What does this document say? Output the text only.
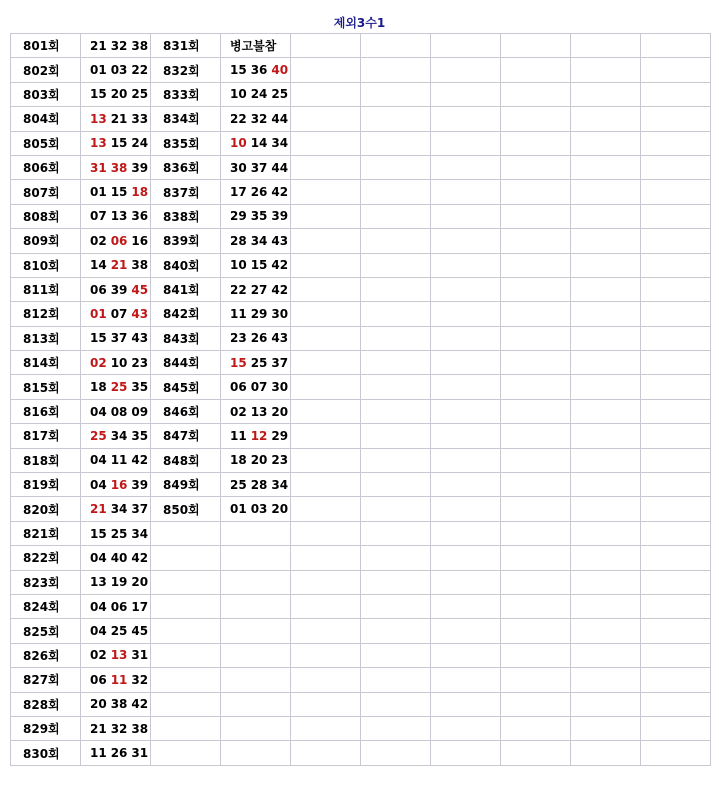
제외3수1
801회	21 32 38	831회	병고불참						
802회	01 03 22	832회	15 36 40						
803회	15 20 25	833회	10 24 25						
804회	13 21 33	834회	22 32 44						
805회	13 15 24	835회	10 14 34						
806회	31 38 39	836회	30 37 44						
807회	01 15 18	837회	17 26 42						
808회	07 13 36	838회	29 35 39						
809회	02 06 16	839회	28 34 43						
810회	14 21 38	840회	10 15 42						
811회	06 39 45	841회	22 27 42						
812회	01 07 43	842회	11 29 30						
813회	15 37 43	843회	23 26 43						
814회	02 10 23	844회	15 25 37						
815회	18 25 35	845회	06 07 30						
816회	04 08 09	846회	02 13 20						
817회	25 34 35	847회	11 12 29						
818회	04 11 42	848회	18 20 23						
819회	04 16 39	849회	25 28 34						
820회	21 34 37	850회	01 03 20						
821회	15 25 34								
822회	04 40 42								
823회	13 19 20								
824회	04 06 17								
825회	04 25 45								
826회	02 13 31								
827회	06 11 32								
828회	20 38 42								
829회	21 32 38								
830회	11 26 31								
